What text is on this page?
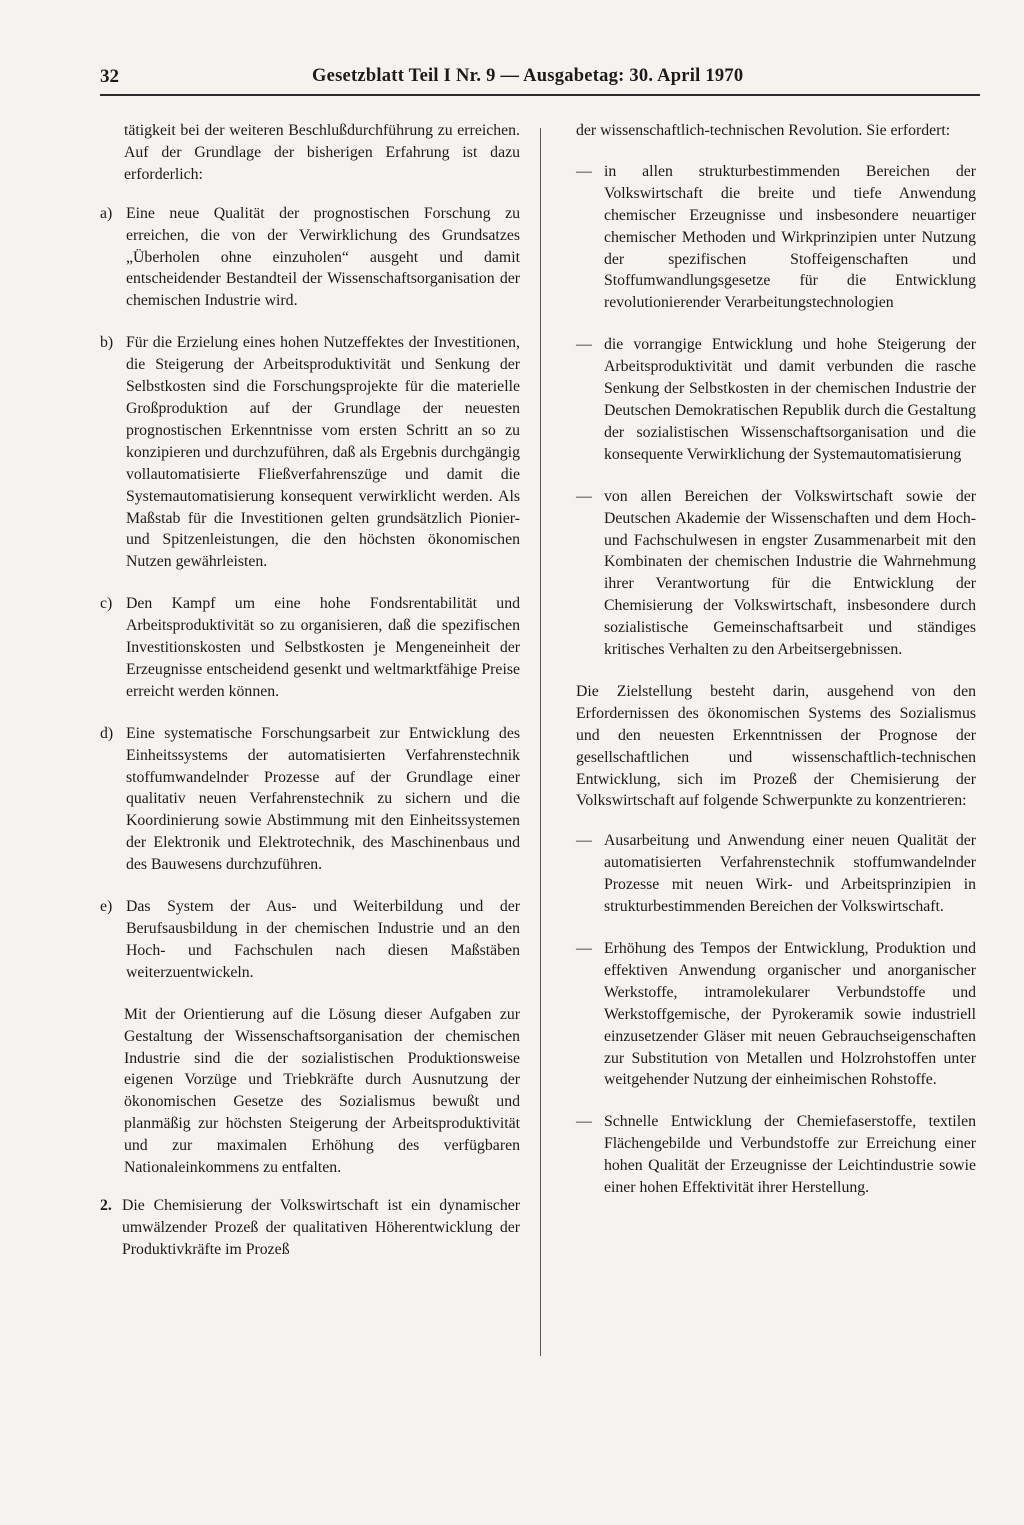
32	Gesetzblatt Teil I Nr. 9 — Ausgabetag: 30. April 1970

tätigkeit bei der weiteren Beschlußdurchführung zu erreichen. Auf der Grundlage der bisherigen Erfahrung ist dazu erforderlich:

a) Eine neue Qualität der prognostischen Forschung zu erreichen, die von der Verwirklichung des Grundsatzes „Überholen ohne einzuholen“ ausgeht und damit entscheidender Bestandteil der Wissenschaftsorganisation der chemischen Industrie wird.
b) Für die Erzielung eines hohen Nutzeffektes der Investitionen, die Steigerung der Arbeitsproduktivität und Senkung der Selbstkosten sind die Forschungsprojekte für die materielle Großproduktion auf der Grundlage der neuesten prognostischen Erkenntnisse vom ersten Schritt an so zu konzipieren und durchzuführen, daß als Ergebnis durchgängig vollautomatisierte Fließverfahrenszüge und damit die Systemautomatisierung konsequent verwirklicht werden. Als Maßstab für die Investitionen gelten grundsätzlich Pionier- und Spitzenleistungen, die den höchsten ökonomischen Nutzen gewährleisten.
c) Den Kampf um eine hohe Fondsrentabilität und Arbeitsproduktivität so zu organisieren, daß die spezifischen Investitionskosten und Selbstkosten je Mengeneinheit der Erzeugnisse entscheidend gesenkt und weltmarktfähige Preise erreicht werden können.
d) Eine systematische Forschungsarbeit zur Entwicklung des Einheitssystems der automatisierten Verfahrenstechnik stoffumwandelnder Prozesse auf der Grundlage einer qualitativ neuen Verfahrenstechnik zu sichern und die Koordinierung sowie Abstimmung mit den Einheitssystemen der Elektronik und Elektrotechnik, des Maschinenbaus und des Bauwesens durchzuführen.
e) Das System der Aus- und Weiterbildung und der Berufsausbildung in der chemischen Industrie und an den Hoch- und Fachschulen nach diesen Maßstäben weiterzuentwickeln.

Mit der Orientierung auf die Lösung dieser Aufgaben zur Gestaltung der Wissenschaftsorganisation der chemischen Industrie sind die der sozialistischen Produktionsweise eigenen Vorzüge und Triebkräfte durch Ausnutzung der ökonomischen Gesetze des Sozialismus bewußt und planmäßig zur höchsten Steigerung der Arbeitsproduktivität und zur maximalen Erhöhung des verfügbaren Nationaleinkommens zu entfalten.

2. Die Chemisierung der Volkswirtschaft ist ein dynamischer umwälzender Prozeß der qualitativen Höherentwicklung der Produktivkräfte im Prozeß

der wissenschaftlich-technischen Revolution. Sie erfordert:

— in allen strukturbestimmenden Bereichen der Volkswirtschaft die breite und tiefe Anwendung chemischer Erzeugnisse und insbesondere neuartiger chemischer Methoden und Wirkprinzipien unter Nutzung der spezifischen Stoffeigenschaften und Stoffumwandlungsgesetze für die Entwicklung revolutionierender Verarbeitungstechnologien
— die vorrangige Entwicklung und hohe Steigerung der Arbeitsproduktivität und damit verbunden die rasche Senkung der Selbstkosten in der chemischen Industrie der Deutschen Demokratischen Republik durch die Gestaltung der sozialistischen Wissenschaftsorganisation und die konsequente Verwirklichung der Systemautomatisierung
— von allen Bereichen der Volkswirtschaft sowie der Deutschen Akademie der Wissenschaften und dem Hoch- und Fachschulwesen in engster Zusammenarbeit mit den Kombinaten der chemischen Industrie die Wahrnehmung ihrer Verantwortung für die Entwicklung der Chemisierung der Volkswirtschaft, insbesondere durch sozialistische Gemeinschaftsarbeit und ständiges kritisches Verhalten zu den Arbeitsergebnissen.

Die Zielstellung besteht darin, ausgehend von den Erfordernissen des ökonomischen Systems des Sozialismus und den neuesten Erkenntnissen der Prognose der gesellschaftlichen und wissenschaftlich-technischen Entwicklung, sich im Prozeß der Chemisierung der Volkswirtschaft auf folgende Schwerpunkte zu konzentrieren:

— Ausarbeitung und Anwendung einer neuen Qualität der automatisierten Verfahrenstechnik stoffumwandelnder Prozesse mit neuen Wirk- und Arbeitsprinzipien in strukturbestimmenden Bereichen der Volkswirtschaft.
— Erhöhung des Tempos der Entwicklung, Produktion und effektiven Anwendung organischer und anorganischer Werkstoffe, intramolekularer Verbundstoffe und Werkstoffgemische, der Pyrokeramik sowie industriell einzusetzender Gläser mit neuen Gebrauchseigenschaften zur Substitution von Metallen und Holzrohstoffen unter weitgehender Nutzung der einheimischen Rohstoffe.
— Schnelle Entwicklung der Chemiefaserstoffe, textilen Flächengebilde und Verbundstoffe zur Erreichung einer hohen Qualität der Erzeugnisse der Leichtindustrie sowie einer hohen Effektivität ihrer Herstellung.
